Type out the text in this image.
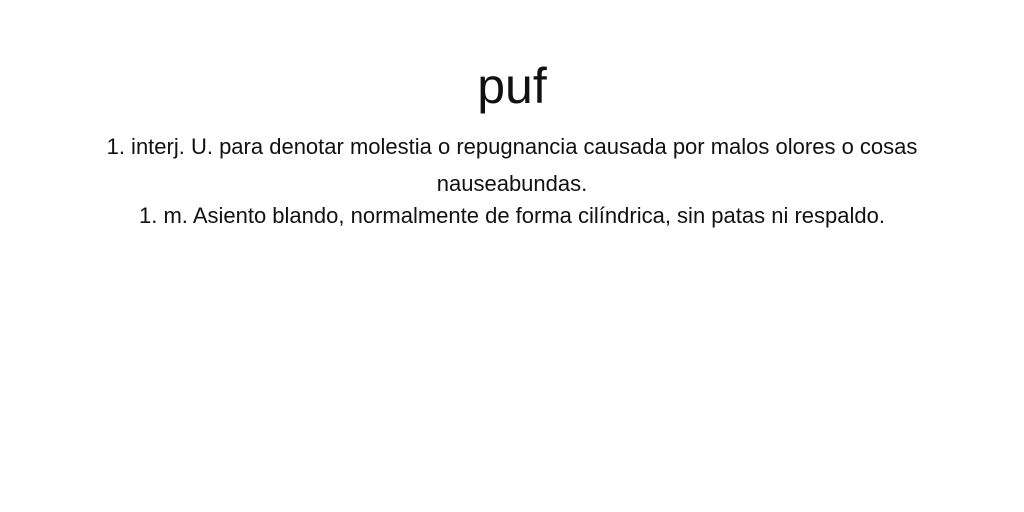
puf
1. interj. U. para denotar molestia o repugnancia causada por malos olores o cosas nauseabundas.
1. m. Asiento blando, normalmente de forma cilíndrica, sin patas ni respaldo.
